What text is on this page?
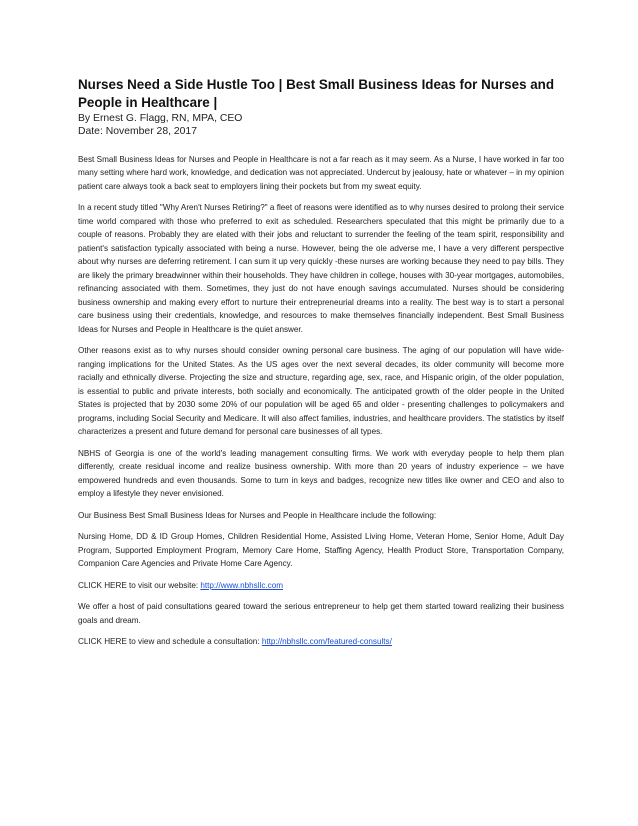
Nurses Need a Side Hustle Too | Best Small Business Ideas for Nurses and People in Healthcare |

By Ernest G. Flagg, RN, MPA, CEO

Date: November 28, 2017

Best Small Business Ideas for Nurses and People in Healthcare is not a far reach as it may seem. As a Nurse, I have worked in far too many setting where hard work, knowledge, and dedication was not appreciated. Undercut by jealousy, hate or whatever – in my opinion patient care always took a back seat to employers lining their pockets but from my sweat equity.

In a recent study titled "Why Aren't Nurses Retiring?" a fleet of reasons were identified as to why nurses desired to prolong their service time world compared with those who preferred to exit as scheduled. Researchers speculated that this might be primarily due to a couple of reasons. Probably they are elated with their jobs and reluctant to surrender the feeling of the team spirit, responsibility and patient's satisfaction typically associated with being a nurse. However, being the ole adverse me, I have a very different perspective about why nurses are deferring retirement. I can sum it up very quickly -these nurses are working because they need to pay bills. They are likely the primary breadwinner within their households. They have children in college, houses with 30-year mortgages, automobiles, refinancing associated with them. Sometimes, they just do not have enough savings accumulated. Nurses should be considering business ownership and making every effort to nurture their entrepreneurial dreams into a reality. The best way is to start a personal care business using their credentials, knowledge, and resources to make themselves financially independent. Best Small Business Ideas for Nurses and People in Healthcare is the quiet answer.

Other reasons exist as to why nurses should consider owning personal care business. The aging of our population will have wide-ranging implications for the United States. As the US ages over the next several decades, its older community will become more racially and ethnically diverse. Projecting the size and structure, regarding age, sex, race, and Hispanic origin, of the older population, is essential to public and private interests, both socially and economically. The anticipated growth of the older people in the United States is projected that by 2030 some 20% of our population will be aged 65 and older - presenting challenges to policymakers and programs, including Social Security and Medicare. It will also affect families, industries, and healthcare providers. The statistics by itself characterizes a present and future demand for personal care businesses of all types.

NBHS of Georgia is one of the world's leading management consulting firms. We work with everyday people to help them plan differently, create residual income and realize business ownership. With more than 20 years of industry experience – we have empowered hundreds and even thousands. Some to turn in keys and badges, recognize new titles like owner and CEO and also to employ a lifestyle they never envisioned.

Our Business Best Small Business Ideas for Nurses and People in Healthcare include the following:

Nursing Home, DD & ID Group Homes, Children Residential Home, Assisted Living Home, Veteran Home, Senior Home, Adult Day Program, Supported Employment Program, Memory Care Home, Staffing Agency, Health Product Store, Transportation Company, Companion Care Agencies and Private Home Care Agency.

CLICK HERE to visit our website: http://www.nbhsllc.com

We offer a host of paid consultations geared toward the serious entrepreneur to help get them started toward realizing their business goals and dream.

CLICK HERE to view and schedule a consultation: http://nbhsllc.com/featured-consults/
